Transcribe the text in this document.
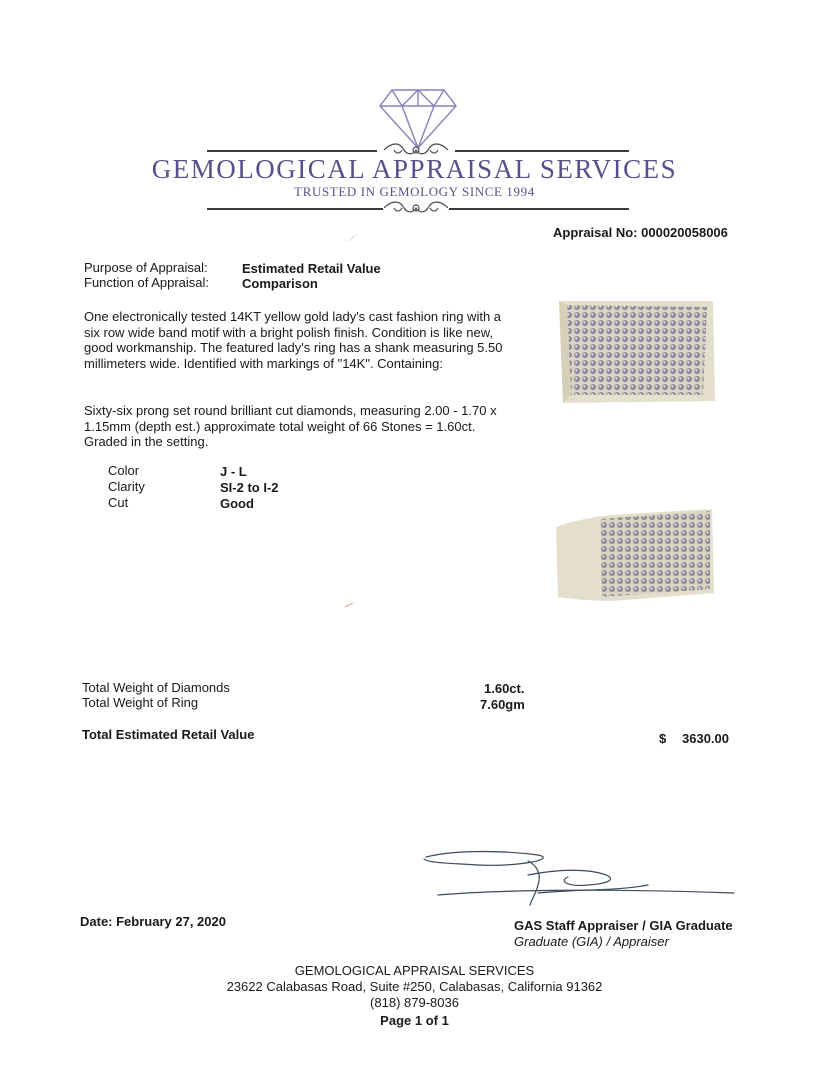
GEMOLOGICAL APPRAISAL SERVICES
TRUSTED IN GEMOLOGY SINCE 1994
Appraisal No: 000020058006
Purpose of Appraisal:	Estimated Retail Value
Function of Appraisal:	Comparison
One electronically tested 14KT yellow gold lady's cast fashion ring with a six row wide band motif with a bright polish finish. Condition is like new, good workmanship. The featured lady's ring has a shank measuring 5.50 millimeters wide. Identified with markings of "14K". Containing:
Sixty-six prong set round brilliant cut diamonds, measuring 2.00 - 1.70 x 1.15mm (depth est.) approximate total weight of 66 Stones = 1.60ct. Graded in the setting.
Color	J - L
Clarity	SI-2 to I-2
Cut	Good
Total Weight of Diamonds	1.60ct.
Total Weight of Ring	7.60gm
Total Estimated Retail Value	$ 3630.00
Date: February 27, 2020	GAS Staff Appraiser / GIA Graduate
Graduate (GIA) / Appraiser
GEMOLOGICAL APPRAISAL SERVICES
23622 Calabasas Road, Suite #250, Calabasas, California 91362
(818) 879-8036
Page 1 of 1
